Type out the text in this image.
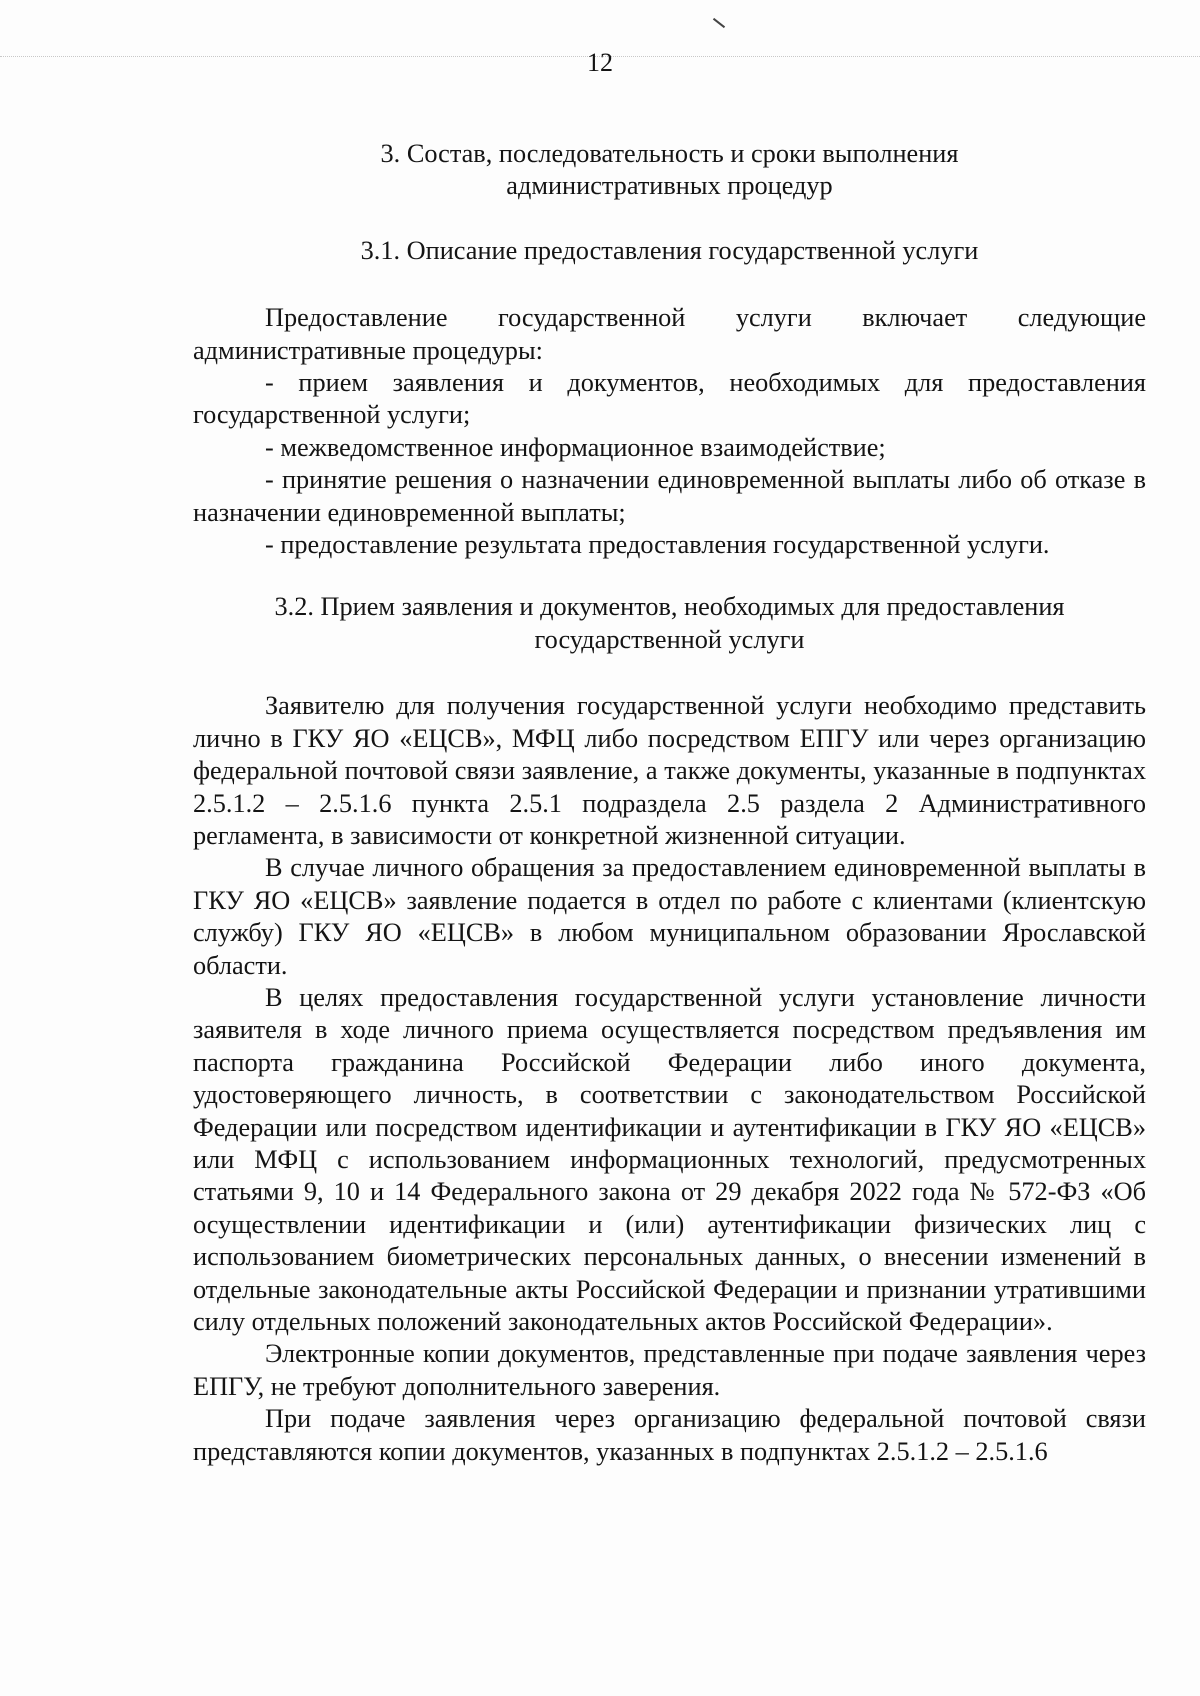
12
3. Состав, последовательность и сроки выполнения
административных процедур
3.1. Описание предоставления государственной услуги

Предоставление государственной услуги включает следующие административные процедуры:

- прием заявления и документов, необходимых для предоставления государственной услуги;

- межведомственное информационное взаимодействие;

- принятие решения о назначении единовременной выплаты либо об отказе в назначении единовременной выплаты;

- предоставление результата предоставления государственной услуги.

3.2. Прием заявления и документов, необходимых для предоставления
государственной услуги

Заявителю для получения государственной услуги необходимо представить лично в ГКУ ЯО «ЕЦСВ», МФЦ либо посредством ЕПГУ или через организацию федеральной почтовой связи заявление, а также документы, указанные в подпунктах 2.5.1.2 – 2.5.1.6 пункта 2.5.1 подраздела 2.5 раздела 2 Административного регламента, в зависимости от конкретной жизненной ситуации.

В случае личного обращения за предоставлением единовременной выплаты в ГКУ ЯО «ЕЦСВ» заявление подается в отдел по работе с клиентами (клиентскую службу) ГКУ ЯО «ЕЦСВ» в любом муниципальном образовании Ярославской области.

В целях предоставления государственной услуги установление личности заявителя в ходе личного приема осуществляется посредством предъявления им паспорта гражданина Российской Федерации либо иного документа, удостоверяющего личность, в соответствии с законодательством Российской Федерации или посредством идентификации и аутентификации в ГКУ ЯО «ЕЦСВ» или МФЦ с использованием информационных технологий, предусмотренных статьями 9, 10 и 14 Федерального закона от 29 декабря 2022 года № 572-ФЗ «Об осуществлении идентификации и (или) аутентификации физических лиц с использованием биометрических персональных данных, о внесении изменений в отдельные законодательные акты Российской Федерации и признании утратившими силу отдельных положений законодательных актов Российской Федерации».

Электронные копии документов, представленные при подаче заявления через ЕПГУ, не требуют дополнительного заверения.

При подаче заявления через организацию федеральной почтовой связи представляются копии документов, указанных в подпунктах 2.5.1.2 – 2.5.1.6
